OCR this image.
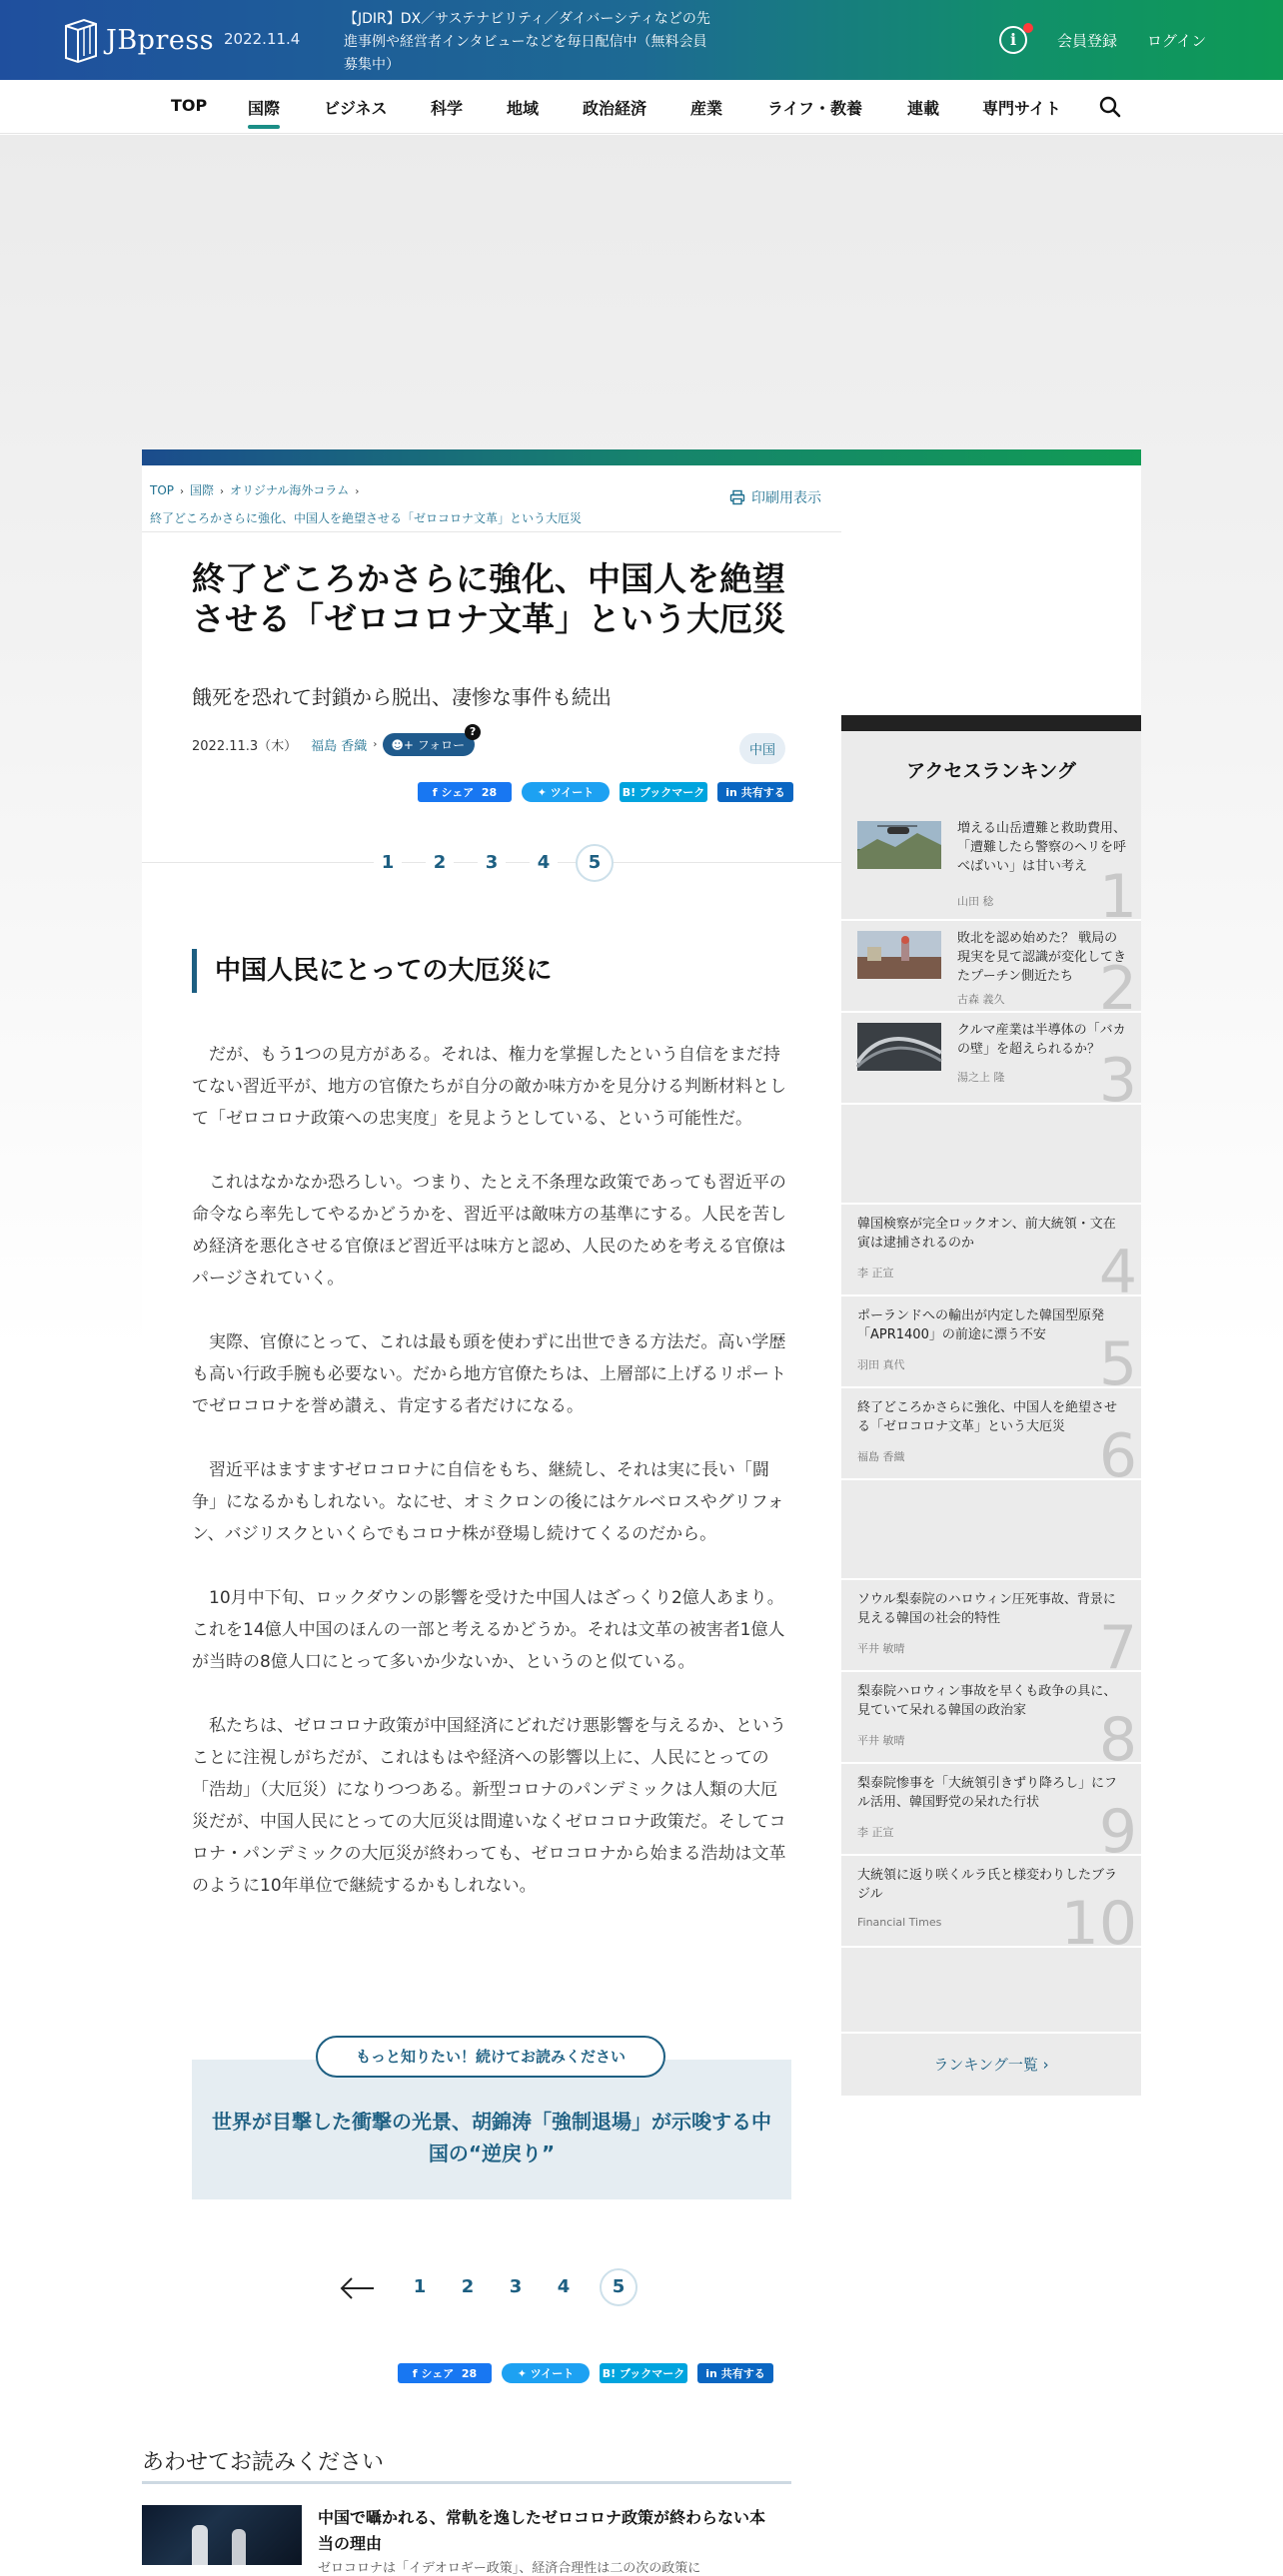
JBpress 2022.11.4
【JDIR】DX／サステナビリティ／ダイバーシティなどの先進事例や経営者インタビューなどを毎日配信中（無料会員募集中）
i	会員登録 ログイン
TOP	国際	ビジネス	科学	地域	政治経済	産業	ライフ・教養	連載	専門サイト
TOP › 国際 › オリジナル海外コラム ›
終了どころかさらに強化、中国人を絶望させる「ゼロコロナ文革」という大厄災
印刷用表示
終了どころかさらに強化、中国人を絶望させる「ゼロコロナ文革」という大厄災
餓死を恐れて封鎖から脱出、凄惨な事件も続出
2022.11.3（木） 福島 香織 ›	☻+ フォロー
?
中国
f シェア
28	✦ ツイート	B!
ブックマーク in
共有する
1	2	3	4	5
中国人民にとっての大厄災に

だが、もう1つの見方がある。それは、権力を掌握したという自信をまだ持てない習近平が、地方の官僚たちが自分の敵か味方かを見分ける判断材料として「ゼロコロナ政策への忠実度」を見ようとしている、という可能性だ。

これはなかなか恐ろしい。つまり、たとえ不条理な政策であっても習近平の命令なら率先してやるかどうかを、習近平は敵味方の基準にする。人民を苦しめ経済を悪化させる官僚ほど習近平は味方と認め、人民のためを考える官僚はパージされていく。

実際、官僚にとって、これは最も頭を使わずに出世できる方法だ。高い学歴も高い行政手腕も必要ない。だから地方官僚たちは、上層部に上げるリポートでゼロコロナを誉め讃え、肯定する者だけになる。

習近平はますますゼロコロナに自信をもち、継続し、それは実に長い「闘争」になるかもしれない。なにせ、オミクロンの後にはケルベロスやグリフォン、バジリスクといくらでもコロナ株が登場し続けてくるのだから。

10月中下旬、ロックダウンの影響を受けた中国人はざっくり2億人あまり。これを14億人中国のほんの一部と考えるかどうか。それは文革の被害者1億人が当時の8億人口にとって多いか少ないか、というのと似ている。

私たちは、ゼロコロナ政策が中国経済にどれだけ悪影響を与えるか、ということに注視しがちだが、これはもはや経済への影響以上に、人民にとっての「浩劫」（大厄災）になりつつある。新型コロナのパンデミックは人類の大厄災だが、中国人民にとっての大厄災は間違いなくゼロコロナ政策だ。そしてコロナ・パンデミックの大厄災が終わっても、ゼロコロナから始まる浩劫は文革のように10年単位で継続するかもしれない。

もっと知りたい！続けてお読みください
世界が目撃した衝撃の光景、胡錦涛「強制退場」が示唆する中国の“逆戻り”
1	2	3	4	5
f シェア
28	✦ ツイート	B!
ブックマーク in
共有する
あわせてお読みください
中国で囁かれる、常軌を逸したゼロコロナ政策が終わらない本当の理由
ゼロコロナは「イデオロギー政策」、経済合理性は二の次の政策に
アクセスランキング
増える山岳遭難と救助費用、「遭難したら警察のヘリを呼べばいい」は甘い考え
山田 稔 1
敗北を認め始めた？ 戦局の現実を見て認識が変化してきたプーチン側近たち
古森 義久 2
クルマ産業は半導体の「バカの壁」を超えられるか？
湯之上 隆 3
韓国検察が完全ロックオン、前大統領・文在寅は逮捕されるのか
李 正宣	4
ポーランドへの輸出が内定した韓国型原発「APR1400」の前途に漂う不安
羽田 真代	5
終了どころかさらに強化、中国人を絶望させる「ゼロコロナ文革」という大厄災
福島 香織	6
ソウル梨泰院のハロウィン圧死事故、背景に見える韓国の社会的特性
平井 敏晴	7
梨泰院ハロウィン事故を早くも政争の具に、見ていて呆れる韓国の政治家
平井 敏晴	8
梨泰院惨事を「大統領引きずり降ろし」にフル活用、韓国野党の呆れた行状
李 正宣	9
大統領に返り咲くルラ氏と様変わりしたブラジル
Financial Times 10
ランキング一覧 ›
